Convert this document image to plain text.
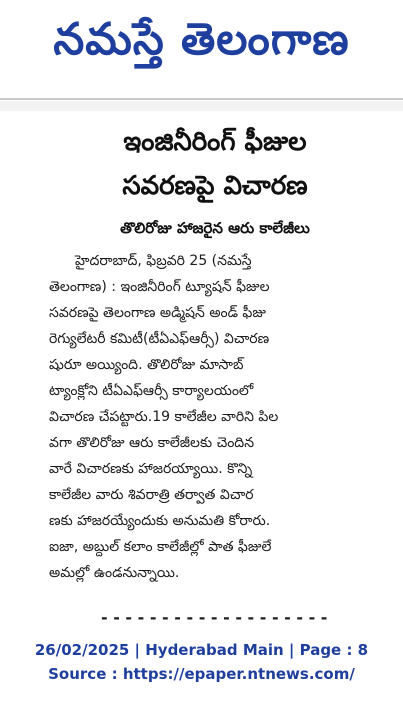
నమస్తే తెలంగాణ
ఇంజినీరింగ్ ఫీజుల
సవరణపై విచారణ
తొలిరోజు హాజరైన ఆరు కాలేజీలు
హైదరాబాద్, ఫిబ్రవరి 25 (నమస్తే
తెలంగాణ) : ఇంజినీరింగ్ ట్యూషన్ ఫీజుల
సవరణపై తెలంగాణ అడ్మిషన్ అండ్ ఫీజు
రెగ్యులేటరీ కమిటీ(టీఏఎఫ్ఆర్సీ) విచారణ
షురూ అయ్యింది. తొలిరోజు మాసాబ్
ట్యాంక్లోని టీఏఎఫ్ఆర్సీ కార్యాలయంలో
విచారణ చేపట్టారు.19 కాలేజీల వారిని పిల
వగా తొలిరోజు ఆరు కాలేజీలకు చెందిన
వారే విచారణకు హాజరయ్యాయి. కొన్ని
కాలేజీల వారు శివరాత్రి తర్వాత విచార
ణకు హాజరయ్యేందుకు అనుమతి కోరారు.
ఐజా, అబ్దుల్ కలాం కాలేజీల్లో పాత ఫీజులే
అమల్లో ఉండనున్నాయి.
- - - - - - - - - - - - - - - - - - -
26/02/2025 | Hyderabad Main | Page : 8
Source : https://epaper.ntnews.com/
